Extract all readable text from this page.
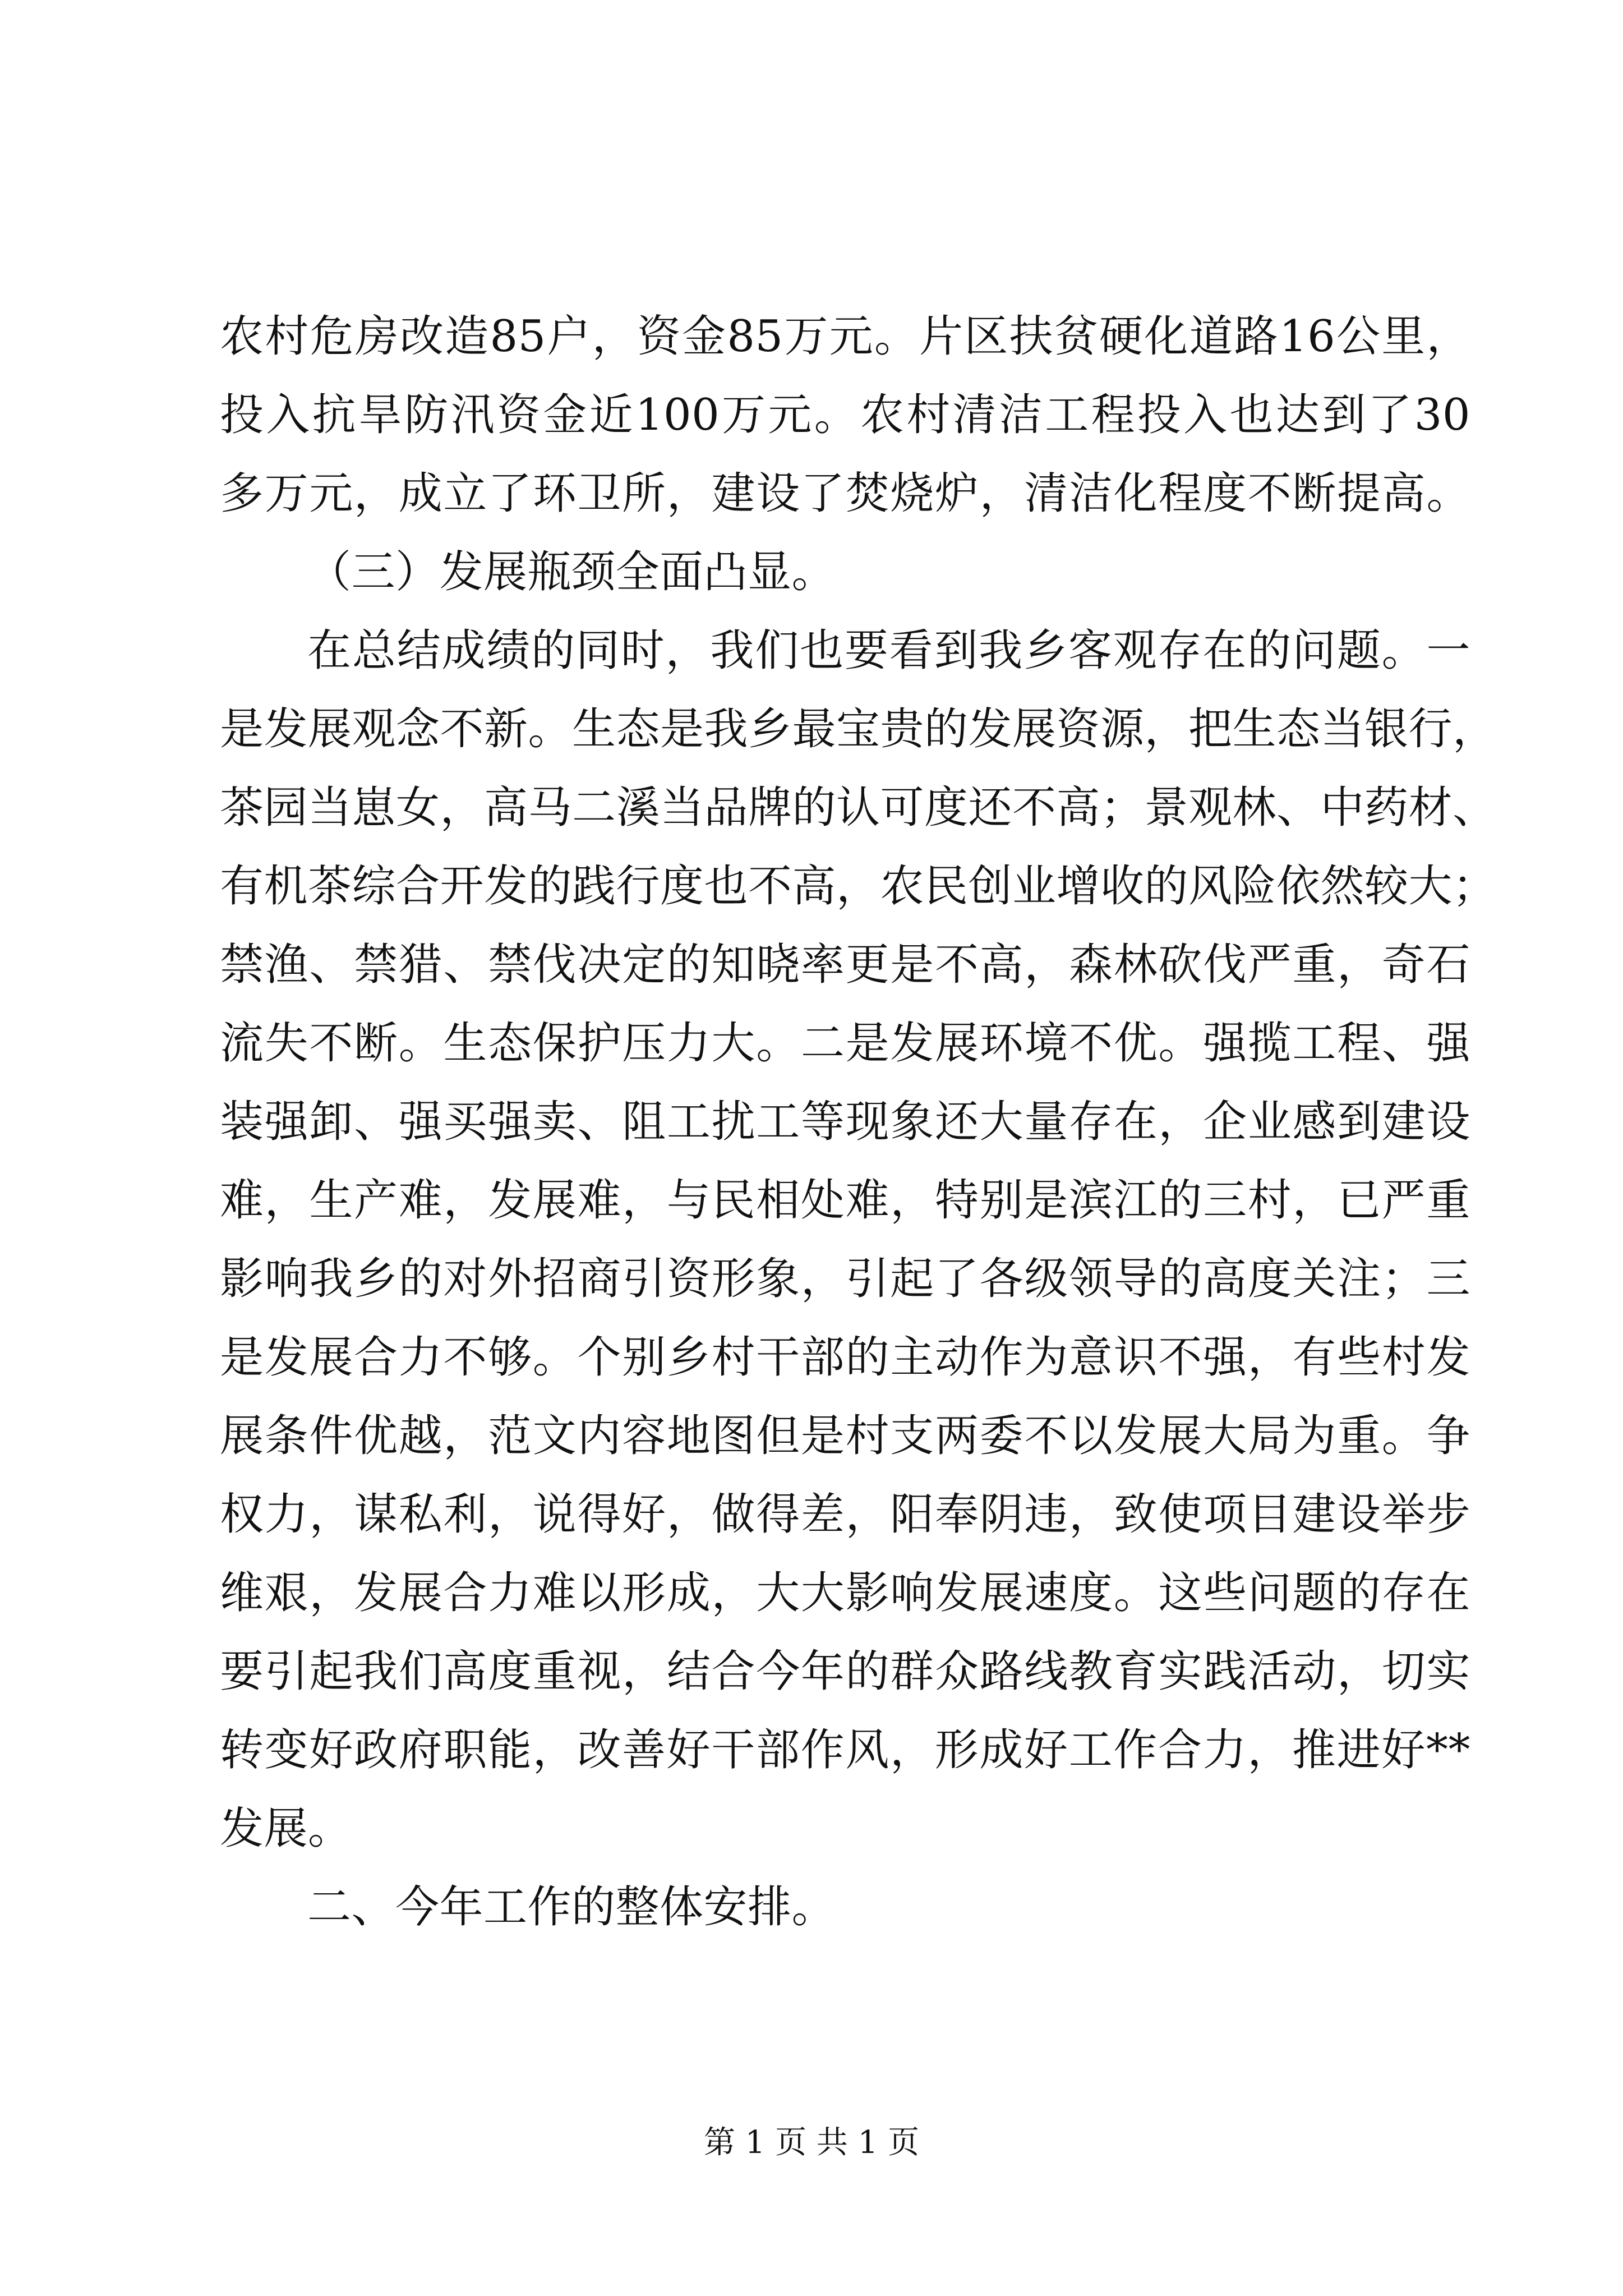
农村危房改造85户，资金85万元。片区扶贫硬化道路16公里，
投入抗旱防汛资金近100万元。农村清洁工程投入也达到了30
多万元，成立了环卫所，建设了焚烧炉，清洁化程度不断提高。
（三）发展瓶颈全面凸显。
在总结成绩的同时，我们也要看到我乡客观存在的问题。一
是发展观念不新。生态是我乡最宝贵的发展资源，把生态当银行，
茶园当崽女，高马二溪当品牌的认可度还不高；景观林、中药材、
有机茶综合开发的践行度也不高，农民创业增收的风险依然较大；
禁渔、禁猎、禁伐决定的知晓率更是不高，森林砍伐严重，奇石
流失不断。生态保护压力大。二是发展环境不优。强揽工程、强
装强卸、强买强卖、阻工扰工等现象还大量存在，企业感到建设
难，生产难，发展难，与民相处难，特别是滨江的三村，已严重
影响我乡的对外招商引资形象，引起了各级领导的高度关注；三
是发展合力不够。个别乡村干部的主动作为意识不强，有些村发
展条件优越，范文内容地图但是村支两委不以发展大局为重。争
权力，谋私利，说得好，做得差，阳奉阴违，致使项目建设举步
维艰，发展合力难以形成，大大影响发展速度。这些问题的存在
要引起我们高度重视，结合今年的群众路线教育实践活动，切实
转变好政府职能，改善好干部作风，形成好工作合力，推进好**
发展。
二、今年工作的整体安排。
第 1 页 共 1 页
